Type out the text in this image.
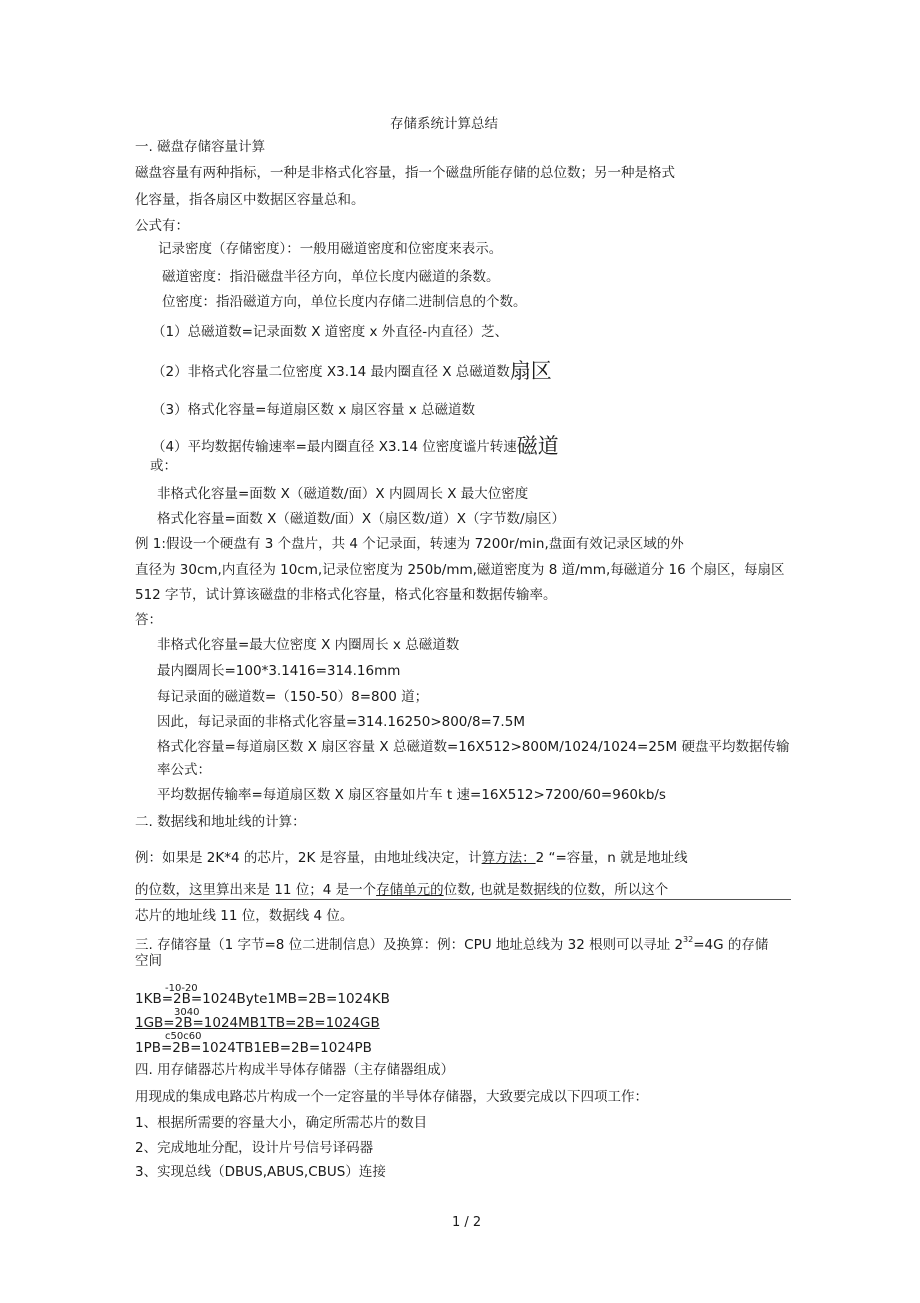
存储系统计算总结
一. 磁盘存储容量计算
磁盘容量有两种指标，一种是非格式化容量，指一个磁盘所能存储的总位数；另一种是格式
化容量，指各扇区中数据区容量总和。
公式有：
记录密度（存储密度）：一般用磁道密度和位密度来表示。
磁道密度：指沿磁盘半径方向，单位长度内磁道的条数。
位密度：指沿磁道方向，单位长度内存储二进制信息的个数。
（1）总磁道数=记录面数 X 道密度 x 外直径-内直径）芝、
（2）非格式化容量二位密度 X3.14 最内圈直径 X 总磁道数扇区
（3）格式化容量=每道扇区数 x 扇区容量 x 总磁道数
（4）平均数据传输速率=最内圈直径 X3.14 位密度谧片转速磁道
或：
非格式化容量=面数 X（磁道数/面）X 内圆周长 X 最大位密度
格式化容量=面数 X（磁道数/面）X（扇区数/道）X（字节数/扇区）
例 1:假设一个硬盘有 3 个盘片，共 4 个记录面，转速为 7200r/min,盘面有效记录区域的外
直径为 30cm,内直径为 10cm,记录位密度为 250b/mm,磁道密度为 8 道/mm,每磁道分 16 个扇区，每扇区
512 字节，试计算该磁盘的非格式化容量，格式化容量和数据传输率。
答：
非格式化容量=最大位密度 X 内圈周长 x 总磁道数
最内圈周长=100*3.1416=314.16mm
每记录面的磁道数=（150-50）8=800 道；
因此，每记录面的非格式化容量=314.16250>800/8=7.5M
格式化容量=每道扇区数 X 扇区容量 X 总磁道数=16X512>800M/1024/1024=25M 硬盘平均数据传输
率公式：
平均数据传输率=每道扇区数 X 扇区容量如片车 t 速=16X512>7200/60=960kb/s
二. 数据线和地址线的计算：
例：如果是 2K*4 的芯片，2K 是容量，由地址线决定，计算方法：2 “=容量，n 就是地址线
的位数，这里算出来是 11 位；4 是一个存储单元的位数, 也就是数据线的位数，所以这个
芯片的地址线 11 位，数据线 4 位。
三. 存储容量（1 字节=8 位二进制信息）及换算：例：CPU 地址总线为 32 根则可以寻址 $2^{32}=4G$ 的存储
空间
-10-20
1KB=2B=1024Byte1MB=2B=1024KB
3040
1GB=2B=1024MB1TB=2B=1024GB
c50c60
1PB=2B=1024TB1EB=2B=1024PB
四. 用存储器芯片构成半导体存储器（主存储器组成）
用现成的集成电路芯片构成一个一定容量的半导体存储器，大致要完成以下四项工作：
1、根据所需要的容量大小，确定所需芯片的数目
2、完成地址分配，设计片号信号译码器
3、实现总线（DBUS,ABUS,CBUS）连接
1 / 2
